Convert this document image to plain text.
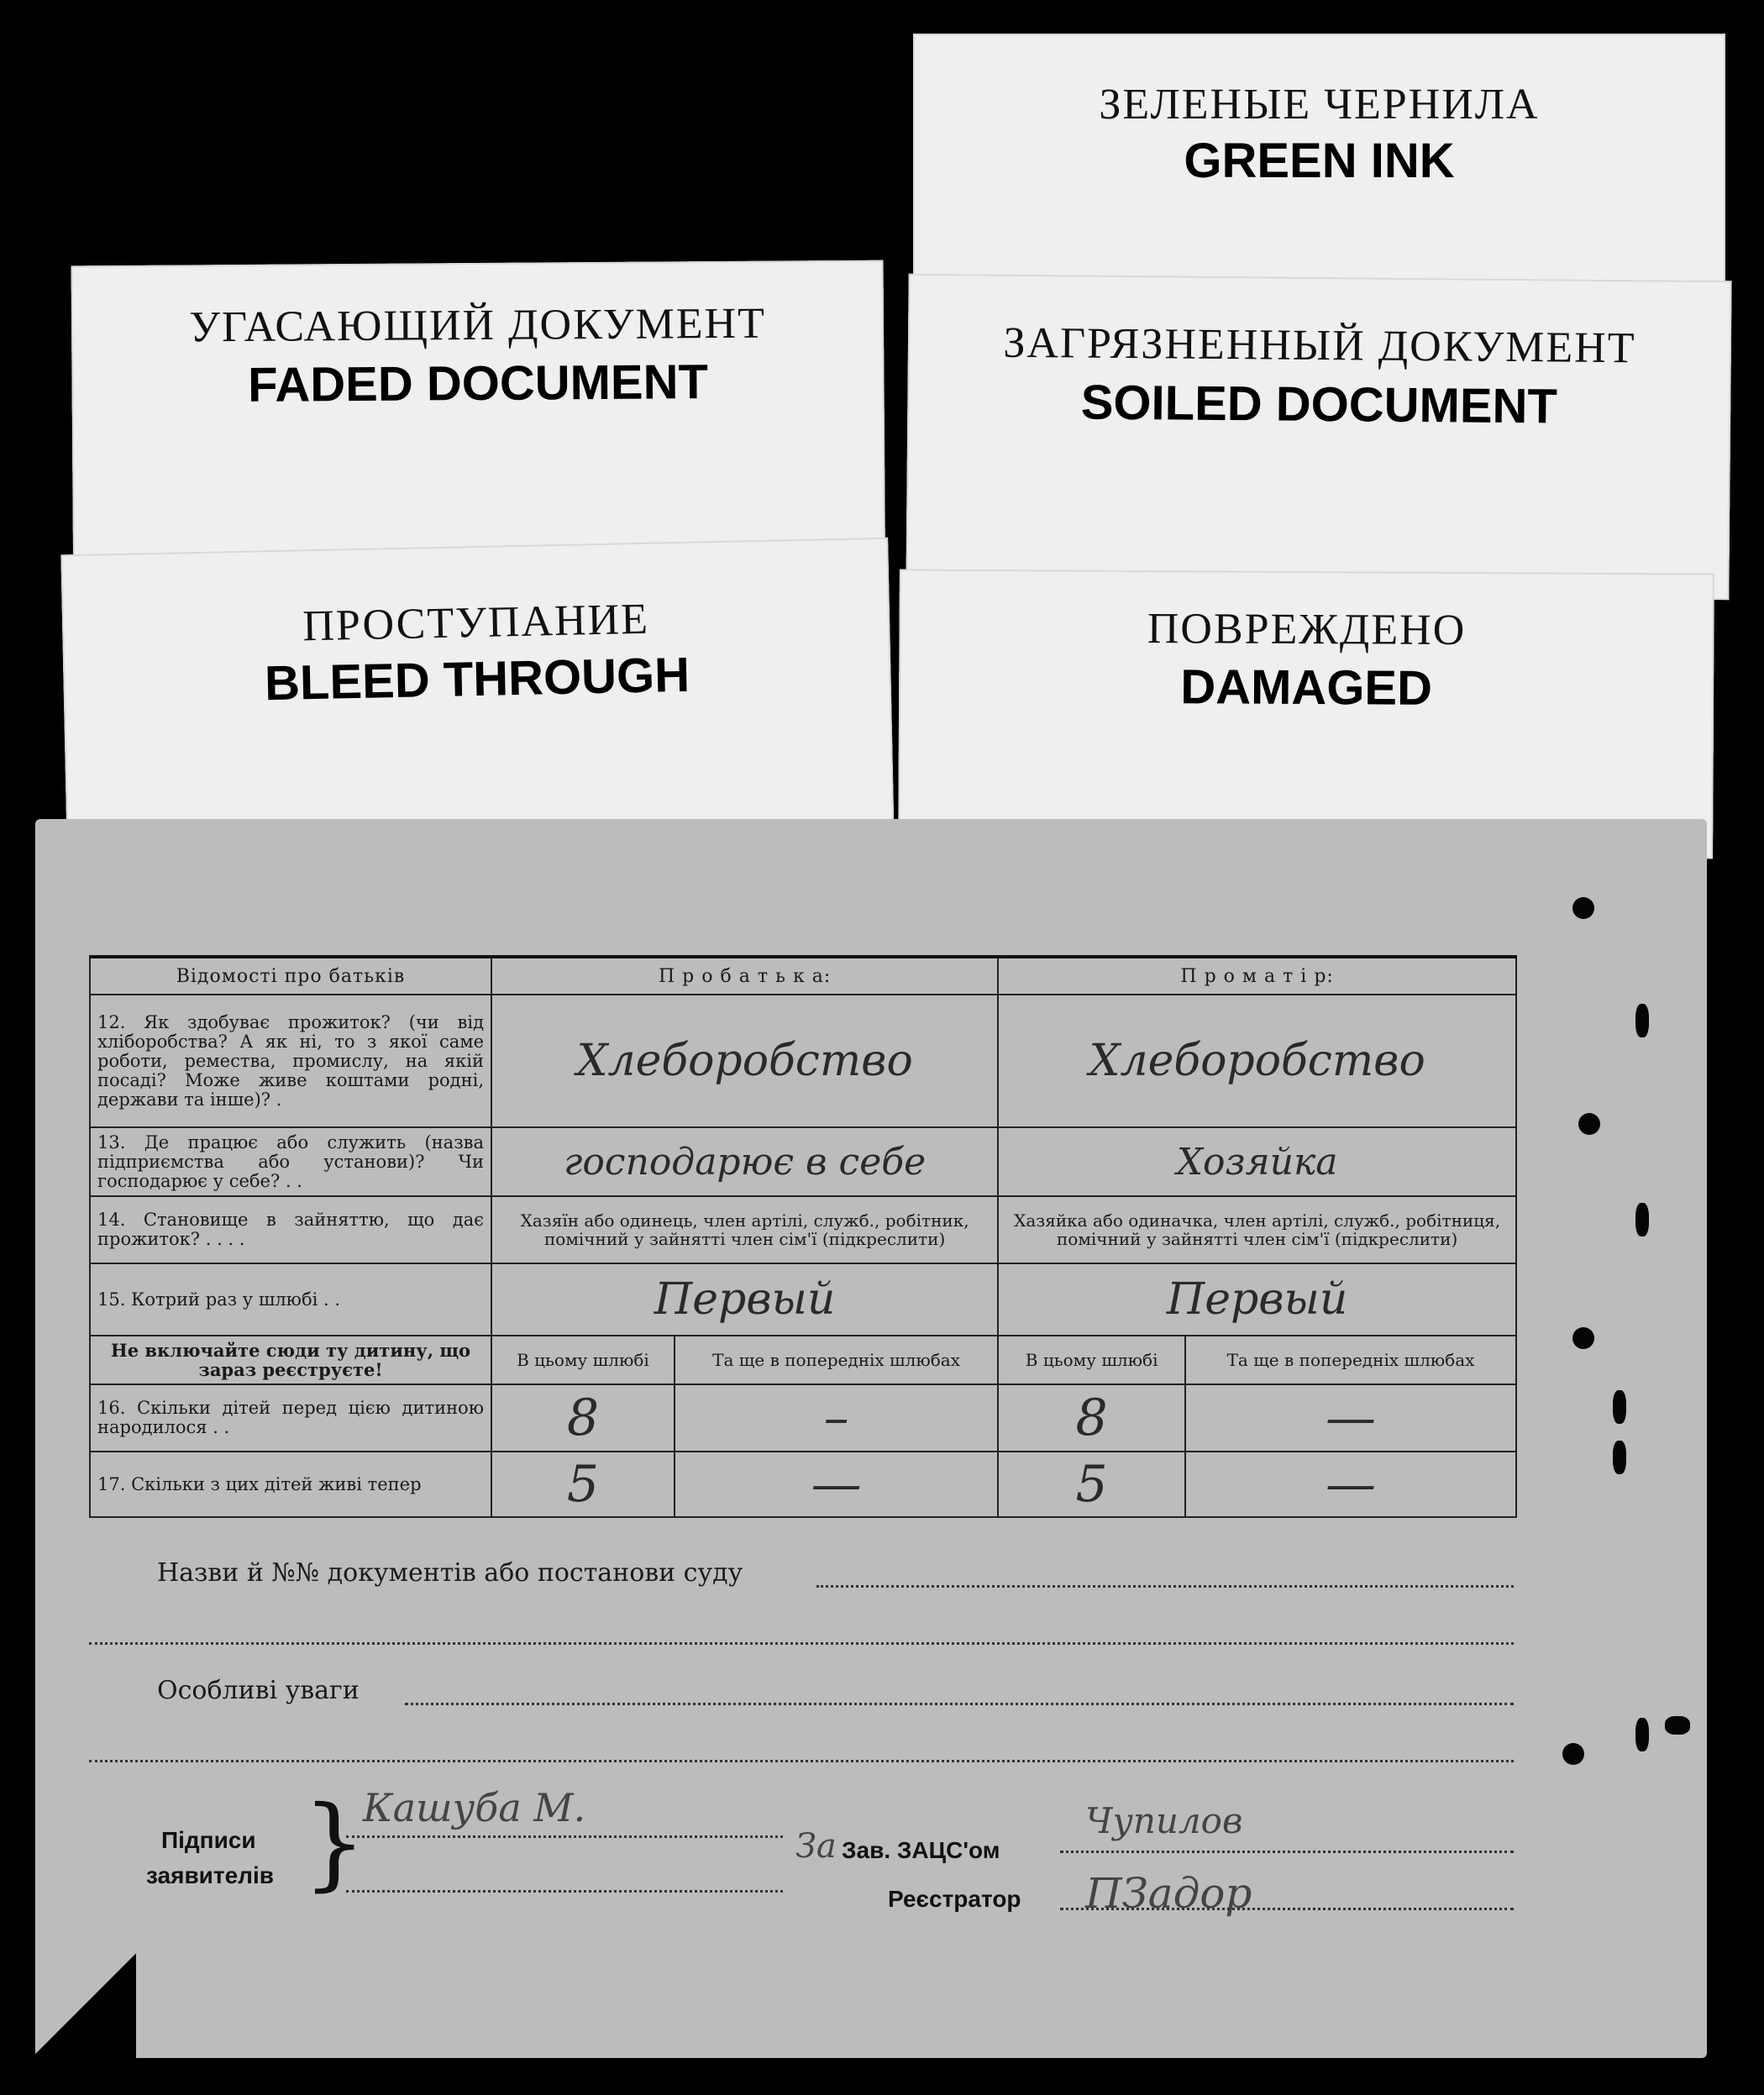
ЗЕЛЕНЫЕ ЧЕРНИЛА
GREEN INK
УГАСАЮЩИЙ ДОКУМЕНТ
FADED DOCUMENT
ЗАГРЯЗНЕННЫЙ ДОКУМЕНТ
SOILED DOCUMENT
ПРОСТУПАНИЕ
BLEED THROUGH
ПОВРЕЖДЕНО
DAMAGED
Відомості про батьків	П р о б а т ь к а:		П р о м а т і р:	
12. Як здобуває прожиток? (чи від хліборобства? А як ні, то з якої саме роботи, ремества, промислу, на якій посаді? Може живе коштами родні, держави та інше)? .	Хлеборобство		Хлеборобство	
13. Де працює або служить (назва підприємства або установи)? Чи господарює у себе? . .	господарює в себе		Хозяйка	
14. Становище в зайняттю, що дає прожиток? . . . .	Хазяїн або одинець, член артілі, служб., робітник, помічний у зайнятті член сім'ї (підкреслити)		Хазяйка або одиначка, член артілі, служб., робітниця, помічний у зайнятті член сім'ї (підкреслити)	
15. Котрий раз у шлюбі . .	Первый		Первый	
Не включайте сюди ту дитину, що зараз реєструєте!	В цьому шлюбі	Та ще в попередніх шлюбах	В цьому шлюбі	Та ще в попередніх шлюбах
16. Скільки дітей перед цією дитиною народилося . .	8	–	8	—
17. Скільки з цих дітей живі тепер	5	—	5	—
Назви й №№ документів або постанови суду
Особливі уваги
Підписи
заявителів }
Кашуба М.
За Зав. ЗАЦС'ом
Чупилов
Реєстратор ПЗадор
